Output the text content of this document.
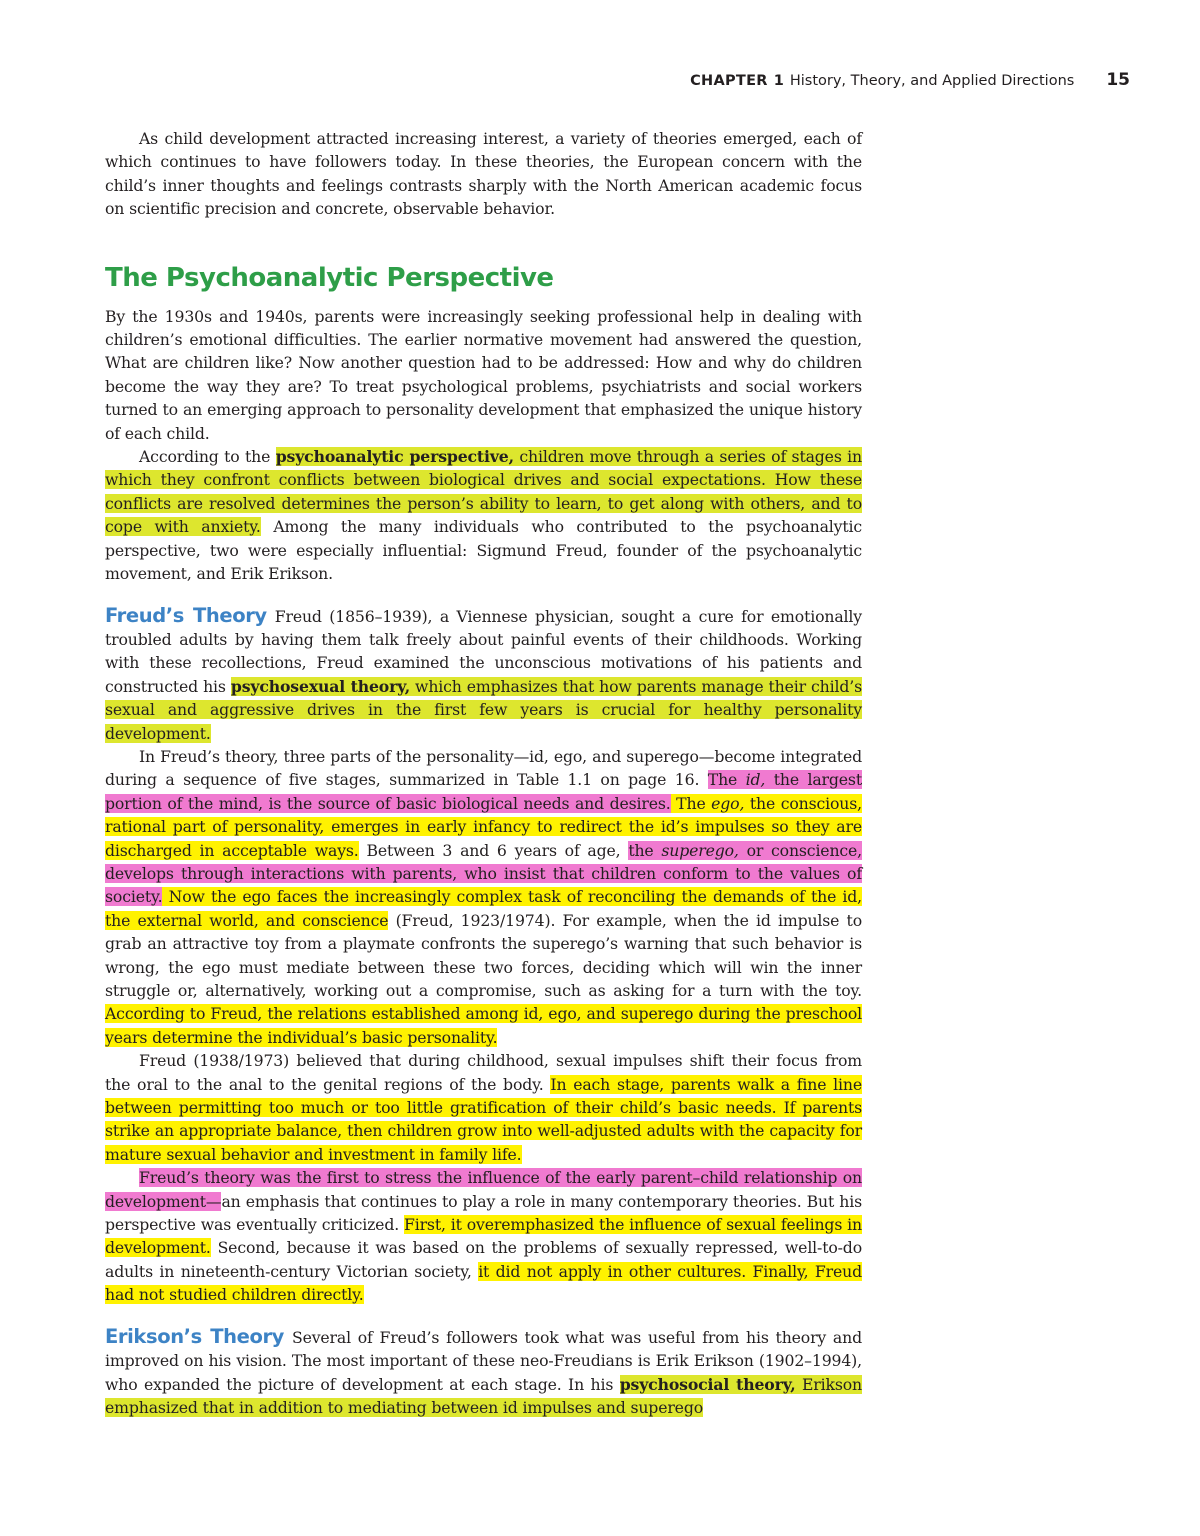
CHAPTER 1 History, Theory, and Applied Directions 15

As child development attracted increasing interest, a variety of theories emerged, each of which continues to have followers today. In these theories, the European concern with the child’s inner thoughts and feelings contrasts sharply with the North American academic focus on scientific precision and concrete, observable behavior.

The Psychoanalytic Perspective

By the 1930s and 1940s, parents were increasingly seeking professional help in dealing with children’s emotional difficulties. The earlier normative movement had answered the question, What are children like? Now another question had to be addressed: How and why do children become the way they are? To treat psychological problems, psychiatrists and social workers turned to an emerging approach to personality development that emphasized the unique history of each child.

According to the psychoanalytic perspective, children move through a series of stages in which they confront conflicts between biological drives and social expectations. How these conflicts are resolved determines the person’s ability to learn, to get along with others, and to cope with anxiety. Among the many individuals who contributed to the psychoanalytic perspective, two were especially influential: Sigmund Freud, founder of the psychoanalytic movement, and Erik Erikson.

Freud’s Theory Freud (1856–1939), a Viennese physician, sought a cure for emotionally troubled adults by having them talk freely about painful events of their childhoods. Working with these recollections, Freud examined the unconscious motivations of his patients and constructed his psychosexual theory, which emphasizes that how parents manage their child’s sexual and aggressive drives in the first few years is crucial for healthy personality development.

In Freud’s theory, three parts of the personality—id, ego, and superego—become integrated during a sequence of five stages, summarized in Table 1.1 on page 16. The id, the largest portion of the mind, is the source of basic biological needs and desires. The ego, the conscious, rational part of personality, emerges in early infancy to redirect the id’s impulses so they are discharged in acceptable ways. Between 3 and 6 years of age, the superego, or conscience, develops through interactions with parents, who insist that children conform to the values of society. Now the ego faces the increasingly complex task of reconciling the demands of the id, the external world, and conscience (Freud, 1923/1974). For example, when the id impulse to grab an attractive toy from a playmate confronts the superego’s warning that such behavior is wrong, the ego must mediate between these two forces, deciding which will win the inner struggle or, alternatively, working out a compromise, such as asking for a turn with the toy. According to Freud, the relations established among id, ego, and superego during the preschool years determine the individual’s basic personality.

Freud (1938/1973) believed that during childhood, sexual impulses shift their focus from the oral to the anal to the genital regions of the body. In each stage, parents walk a fine line between permitting too much or too little gratification of their child’s basic needs. If parents strike an appropriate balance, then children grow into well-adjusted adults with the capacity for mature sexual behavior and investment in family life.

Freud’s theory was the first to stress the influence of the early parent–child relationship on development—an emphasis that continues to play a role in many contemporary theories. But his perspective was eventually criticized. First, it overemphasized the influence of sexual feelings in development. Second, because it was based on the problems of sexually repressed, well-to-do adults in nineteenth-century Victorian society, it did not apply in other cultures. Finally, Freud had not studied children directly.

Erikson’s Theory Several of Freud’s followers took what was useful from his theory and improved on his vision. The most important of these neo-Freudians is Erik Erikson (1902–1994), who expanded the picture of development at each stage. In his psychosocial theory, Erikson emphasized that in addition to mediating between id impulses and superego
